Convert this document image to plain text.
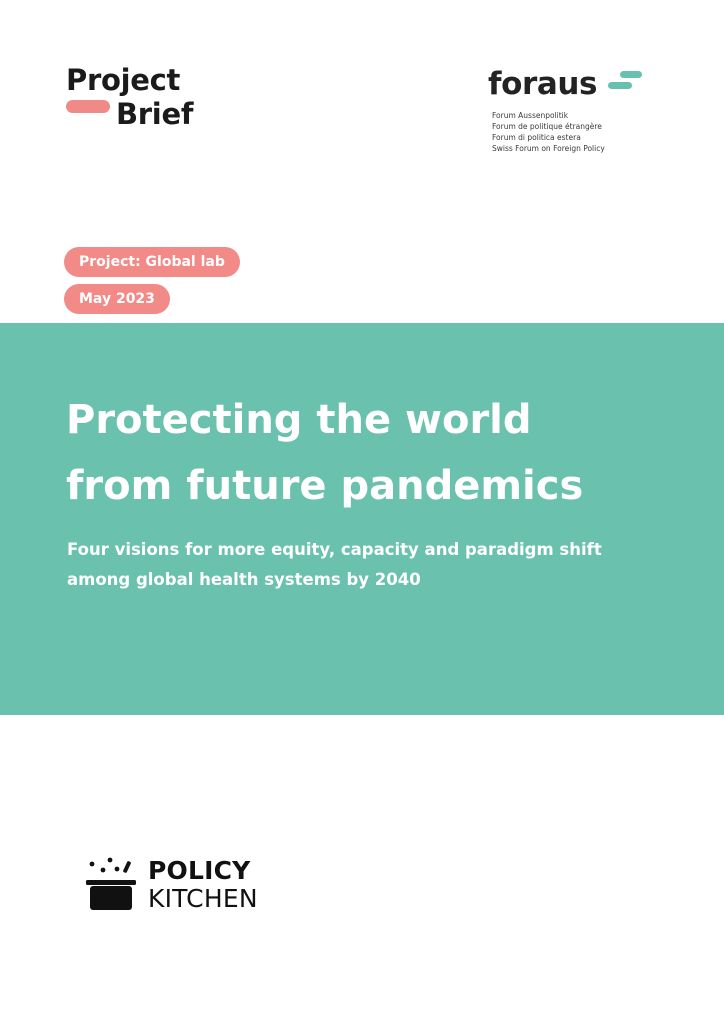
Project
Brief
foraus
Forum Aussenpolitik
Forum de politique étrangère
Forum di politica estera
Swiss Forum on Foreign Policy
Project: Global lab
May 2023
Protecting the world
from future pandemics
Four visions for more equity, capacity and paradigm shift
among global health systems by 2040
POLICY
KITCHEN
